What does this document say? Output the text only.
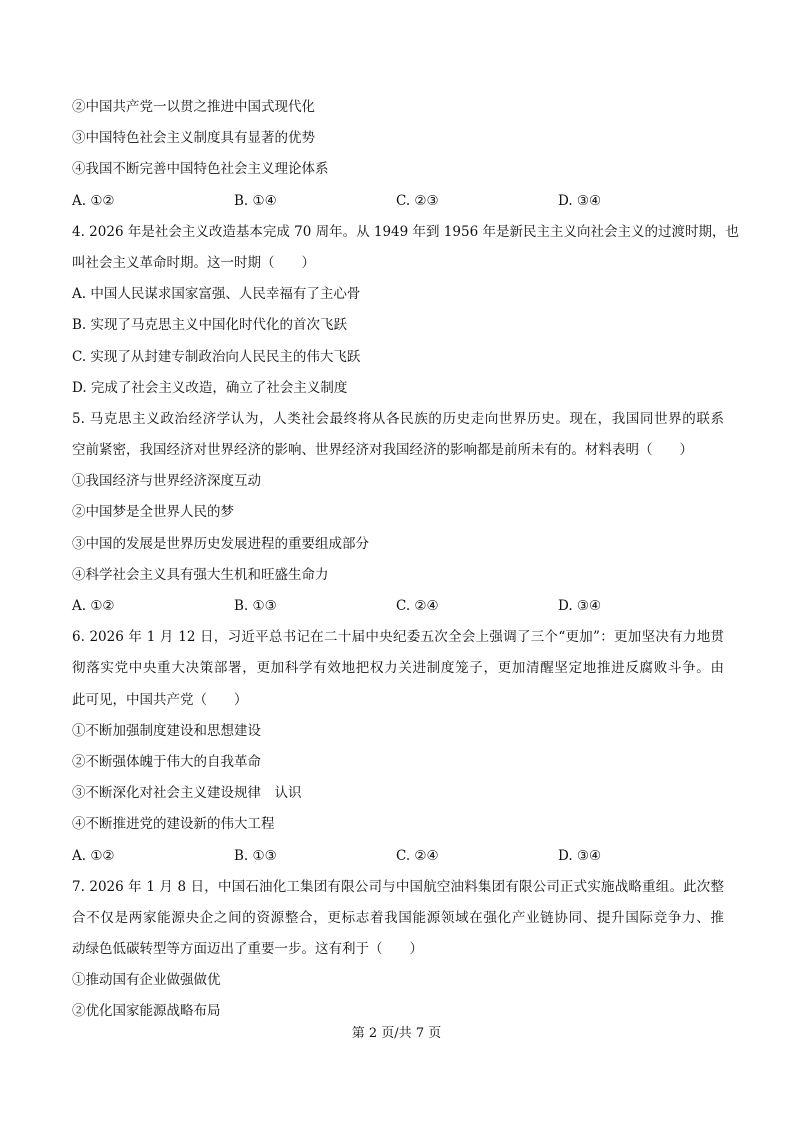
②中国共产党一以贯之推进中国式现代化
③中国特色社会主义制度具有显著的优势
④我国不断完善中国特色社会主义理论体系
A. ①②	B. ①④	C. ②③	D. ③④
4. 2026 年是社会主义改造基本完成 70 周年。从 1949 年到 1956 年是新民主主义向社会主义的过渡时期，也
叫社会主义革命时期。这一时期（　　）
A. 中国人民谋求国家富强、人民幸福有了主心骨
B. 实现了马克思主义中国化时代化的首次飞跃
C. 实现了从封建专制政治向人民民主的伟大飞跃
D. 完成了社会主义改造，确立了社会主义制度
5. 马克思主义政治经济学认为，人类社会最终将从各民族的历史走向世界历史。现在，我国同世界的联系
空前紧密，我国经济对世界经济的影响、世界经济对我国经济的影响都是前所未有的。材料表明（　　）
①我国经济与世界经济深度互动
②中国梦是全世界人民的梦
③中国的发展是世界历史发展进程的重要组成部分
④科学社会主义具有强大生机和旺盛生命力
A. ①②	B. ①③	C. ②④	D. ③④
6. 2026 年 1 月 12 日，习近平总书记在二十届中央纪委五次全会上强调了三个“更加”：更加坚决有力地贯
彻落实党中央重大决策部署，更加科学有效地把权力关进制度笼子，更加清醒坚定地推进反腐败斗争。由
此可见，中国共产党（　　）
①不断加强制度建设和思想建设
②不断强体魄于伟大的自我革命
③不断深化对社会主义建设规律　认识
④不断推进党的建设新的伟大工程
A. ①②	B. ①③	C. ②④	D. ③④
7. 2026 年 1 月 8 日，中国石油化工集团有限公司与中国航空油料集团有限公司正式实施战略重组。此次整
合不仅是两家能源央企之间的资源整合，更标志着我国能源领域在强化产业链协同、提升国际竞争力、推
动绿色低碳转型等方面迈出了重要一步。这有利于（　　）
①推动国有企业做强做优
②优化国家能源战略布局
第 2 页/共 7 页
